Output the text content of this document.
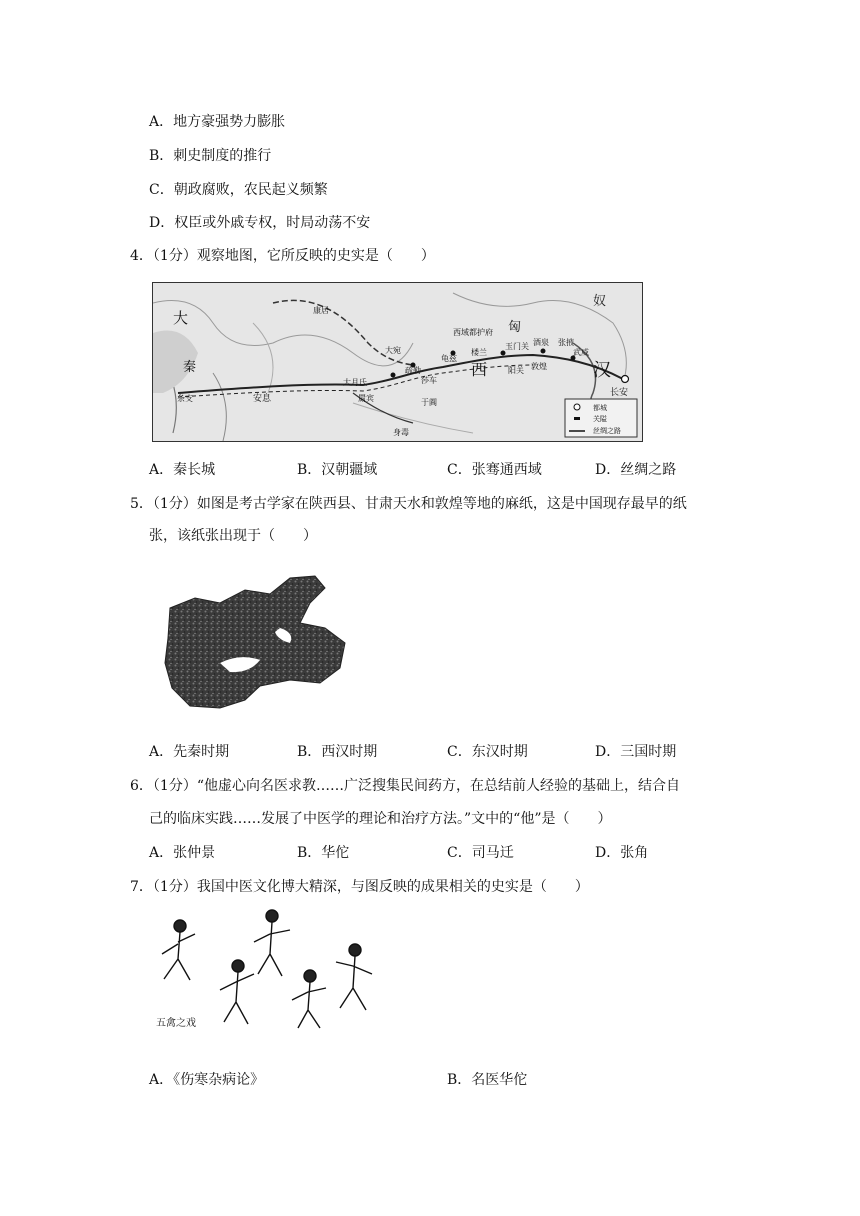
A．地方豪强势力膨胀
B．刺史制度的推行
C．朝政腐败，农民起义频繁
D．权臣或外戚专权，时局动荡不安
4．（1分）观察地图，它所反映的史实是（　　）
匈
奴
大
秦	西	汉
长安
西域都护府
大宛
龟兹
大月氏
罽宾
康居
安息	于阗
玉门关
阳关 敦煌
酒泉 张掖
武威
楼兰
疏勒
莎车
身毒
条支
都城
关隘
丝绸之路
A．秦长城	B．汉朝疆域	C．张骞通西域	D．丝绸之路
5．（1分）如图是考古学家在陕西县、甘肃天水和敦煌等地的麻纸，这是中国现存最早的纸
张，该纸张出现于（　　）
A．先秦时期	B．西汉时期	C．东汉时期	D．三国时期
6．（1分）“他虚心向名医求教……广泛搜集民间药方，在总结前人经验的基础上，结合自
己的临床实践……发展了中医学的理论和治疗方法。”文中的“他”是（　　）
A．张仲景	B．华佗	C．司马迁	D．张角
7．（1分）我国中医文化博大精深，与图反映的成果相关的史实是（　　）
五禽之戏
A．《伤寒杂病论》	B．名医华佗
